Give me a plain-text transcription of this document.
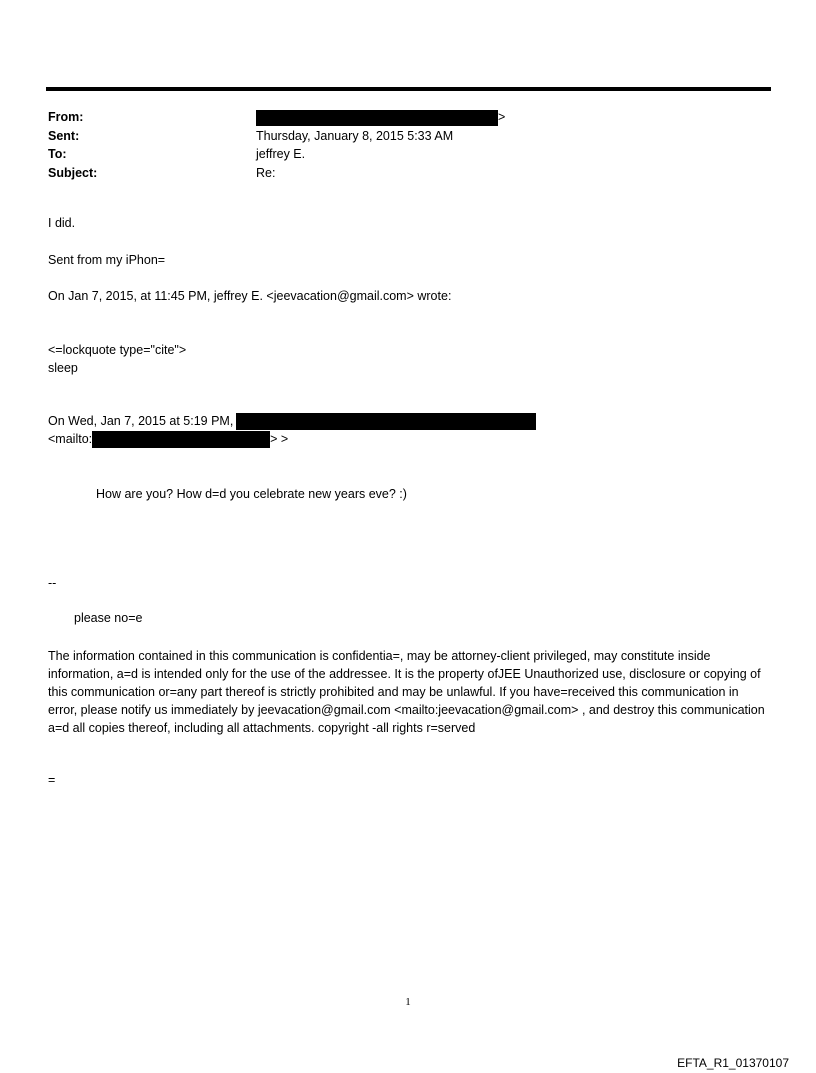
From:	>
Sent:	Thursday, January 8, 2015 5:33 AM
To:	jeffrey E.
Subject:	Re:
I did.
Sent from my iPhon=
On Jan 7, 2015, at 11:45 PM, jeffrey E. <jeevacation@gmail.com> wrote:
<=lockquote type="cite">
sleep
On Wed, Jan 7, 2015 at 5:19 PM,
<mailto:	> >
How are you? How d=d you celebrate new years eve? :)
--
please no=e
The information contained in this communication is confidentia=, may be attorney-client privileged, may constitute inside information, a=d is intended only for the use of the addressee. It is the property ofJEE Unauthorized use, disclosure or copying of this communication or=any part thereof is strictly prohibited and may be unlawful. If you have=received this communication in error, please notify us immediately by jeevacation@gmail.com <mailto:jeevacation@gmail.com> , and destroy this communication a=d all copies thereof, including all attachments. copyright -all rights r=served
=
1
EFTA_R1_01370107
